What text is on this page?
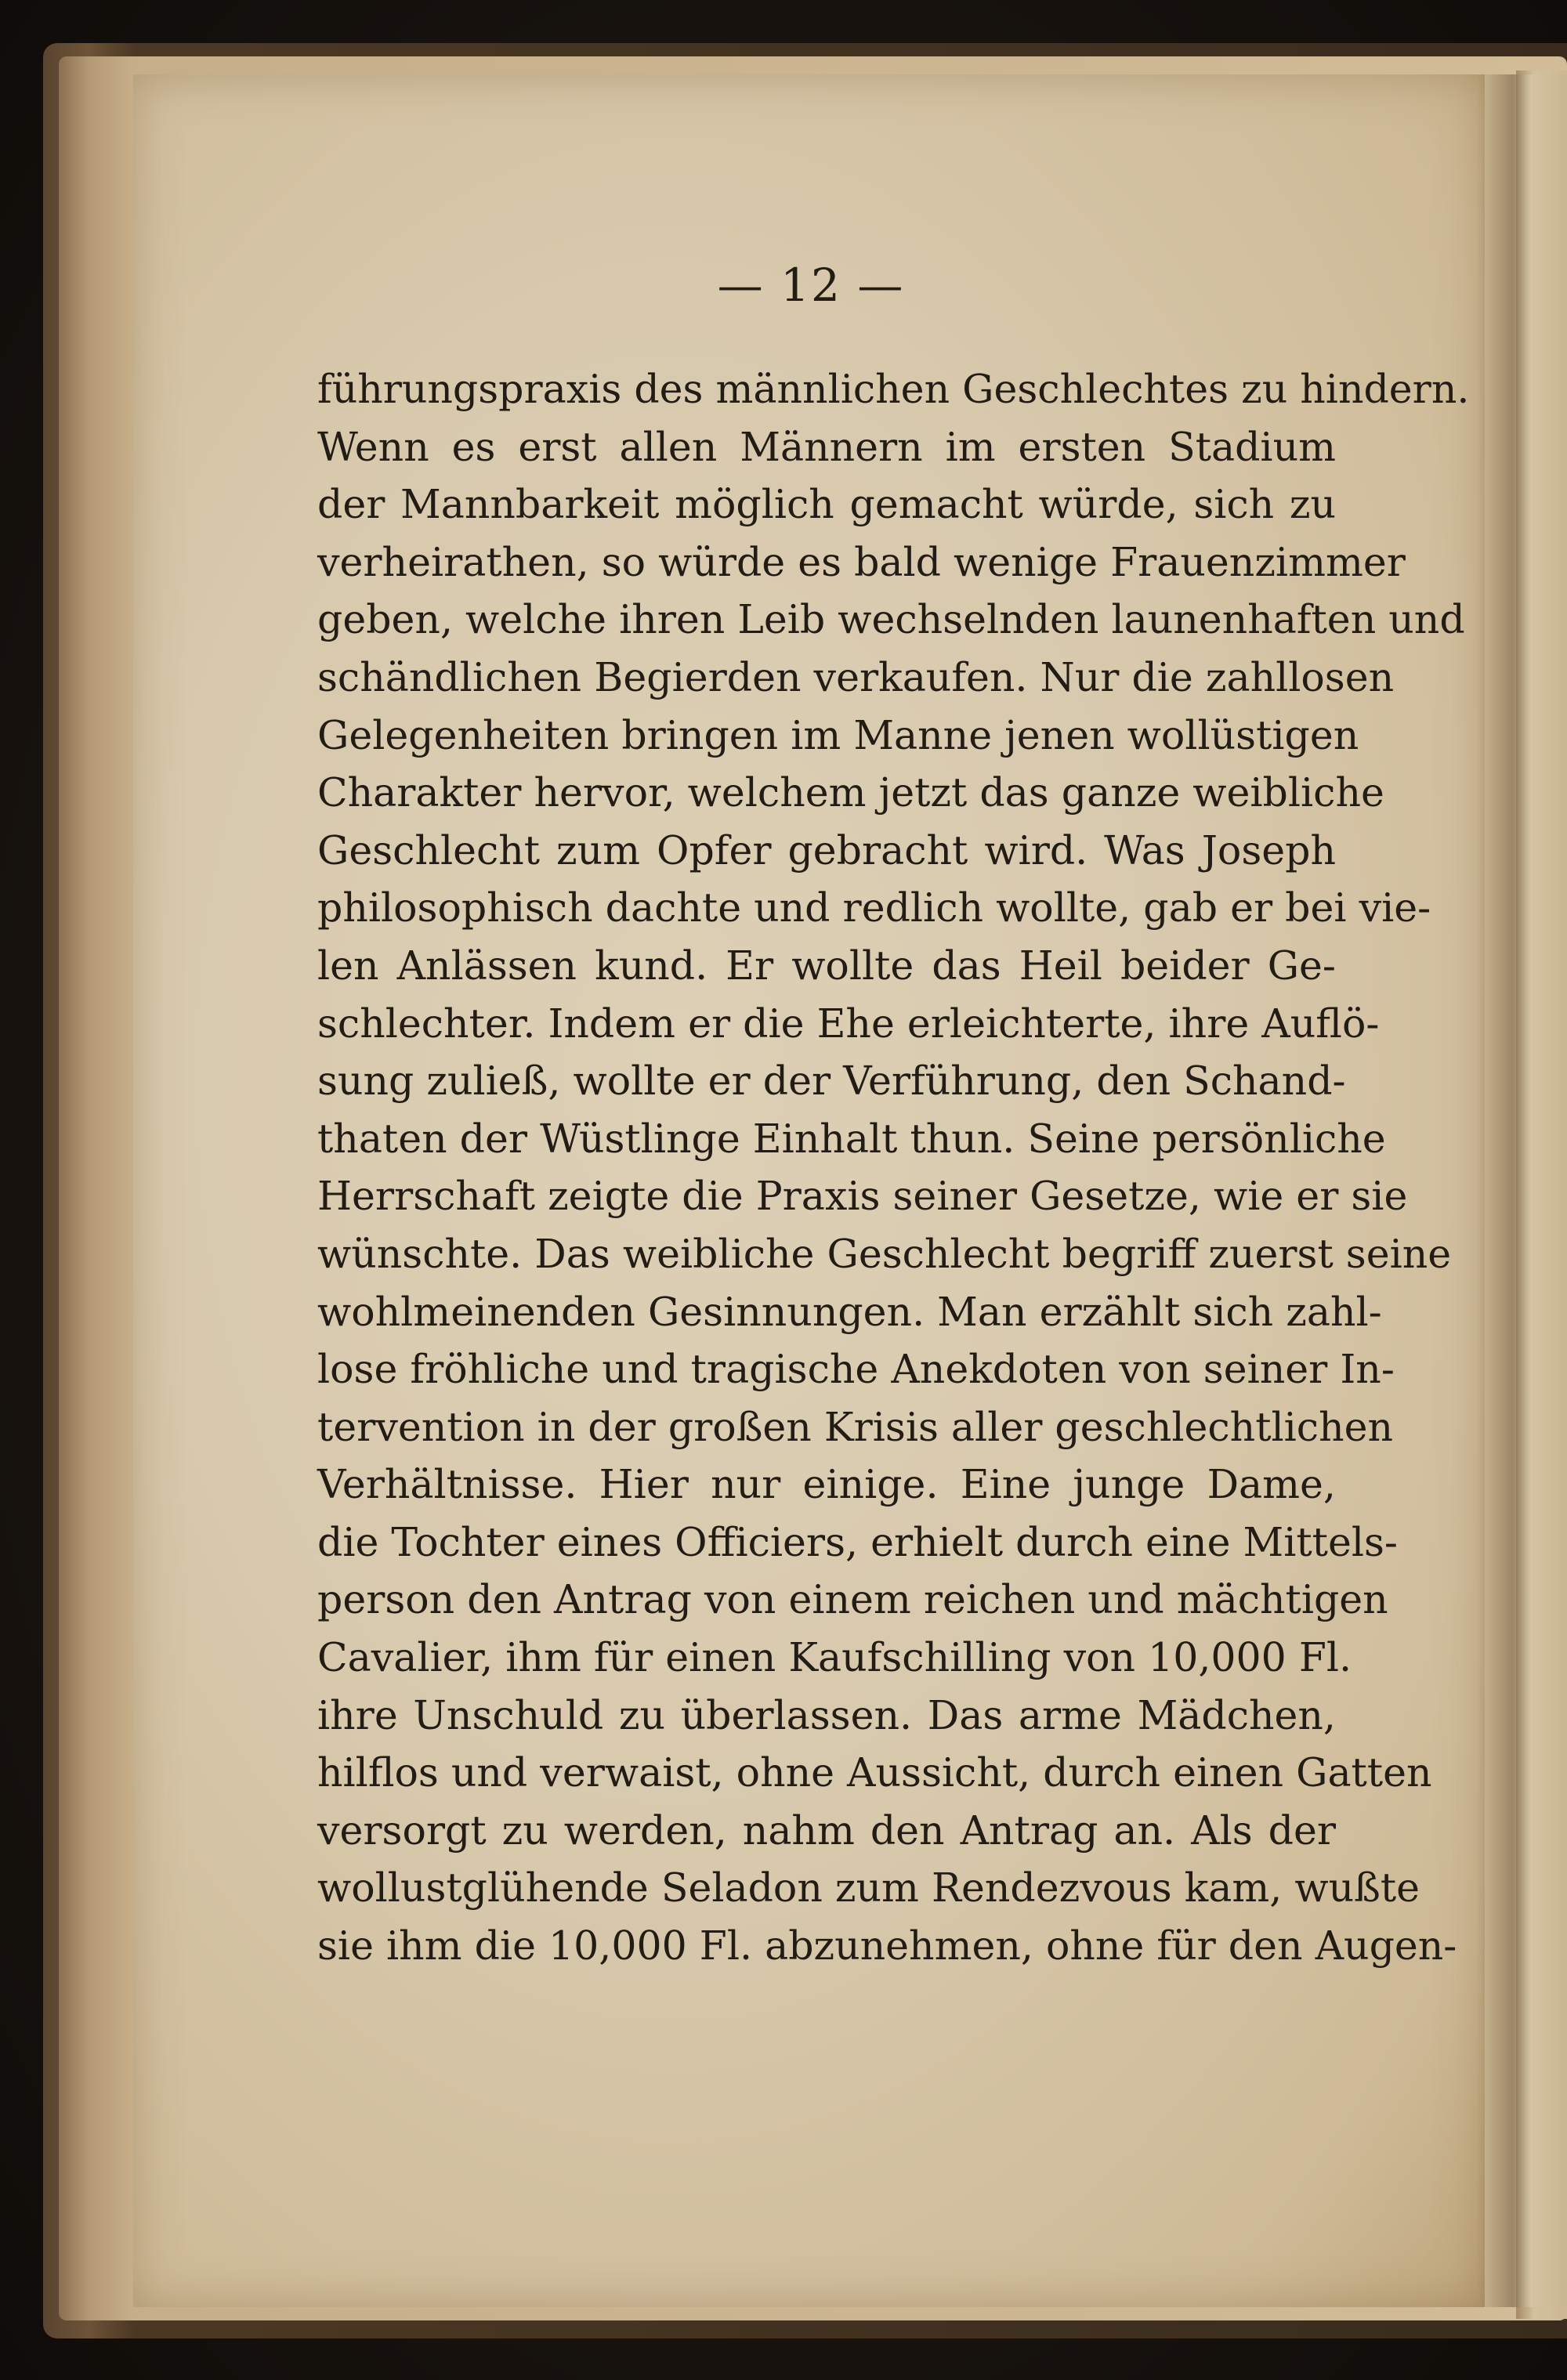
— 12 —
führungspraxis des männlichen Geschlechtes zu hindern.
Wenn es erst allen Männern im ersten Stadium
der Mannbarkeit möglich gemacht würde, sich zu
verheirathen, so würde es bald wenige Frauenzimmer
geben, welche ihren Leib wechselnden launenhaften und
schändlichen Begierden verkaufen. Nur die zahllosen
Gelegenheiten bringen im Manne jenen wollüstigen
Charakter hervor, welchem jetzt das ganze weibliche
Geschlecht zum Opfer gebracht wird. Was Joseph
philosophisch dachte und redlich wollte, gab er bei vie-
len Anlässen kund. Er wollte das Heil beider Ge-
schlechter. Indem er die Ehe erleichterte, ihre Auflö-
sung zuließ, wollte er der Verführung, den Schand-
thaten der Wüstlinge Einhalt thun. Seine persönliche
Herrschaft zeigte die Praxis seiner Gesetze, wie er sie
wünschte. Das weibliche Geschlecht begriff zuerst seine
wohlmeinenden Gesinnungen. Man erzählt sich zahl-
lose fröhliche und tragische Anekdoten von seiner In-
tervention in der großen Krisis aller geschlechtlichen
Verhältnisse. Hier nur einige. Eine junge Dame,
die Tochter eines Officiers, erhielt durch eine Mittels-
person den Antrag von einem reichen und mächtigen
Cavalier, ihm für einen Kaufschilling von 10,000 Fl.
ihre Unschuld zu überlassen. Das arme Mädchen,
hilflos und verwaist, ohne Aussicht, durch einen Gatten
versorgt zu werden, nahm den Antrag an. Als der
wollustglühende Seladon zum Rendezvous kam, wußte
sie ihm die 10,000 Fl. abzunehmen, ohne für den Augen-
